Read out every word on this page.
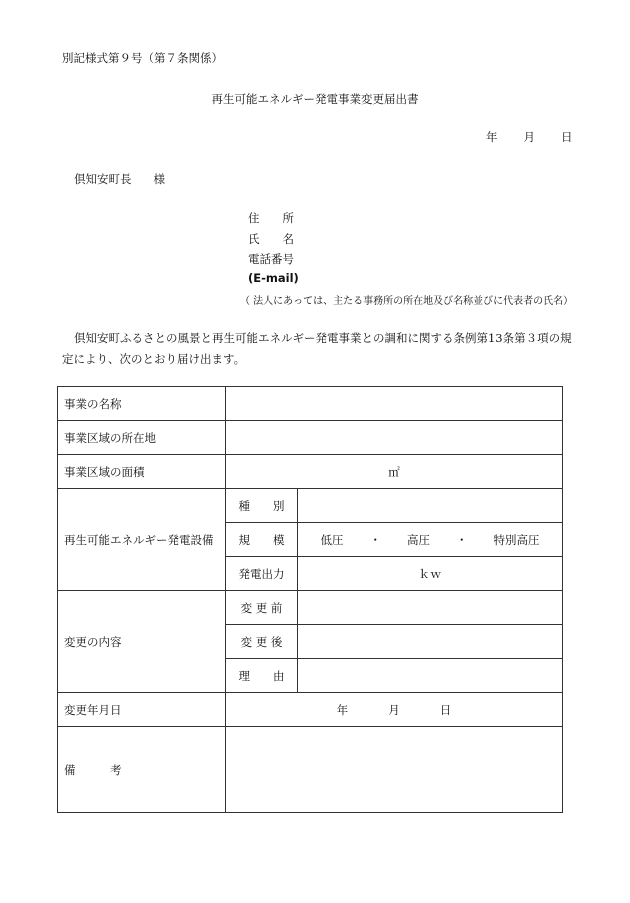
別記様式第９号（第７条関係）
再生可能エネルギー発電事業変更届出書
年 月 日
倶知安町長 様
住　　所
氏　　名
電話番号
(E-mail)
（ 法人にあっては、主たる事務所の所在地及び名称並びに代表者の氏名）
倶知安町ふるさとの風景と再生可能エネルギー発電事業との調和に関する条例第13条第３項の規定により、次のとおり届け出ます。
事業の名称		
事業区域の所在地		
事業区域の面積	㎡	
再生可能エネルギー発電設備	種　　別	
	規　　模	低圧 ・ 高圧 ・ 特別高圧
	発電出力	ｋｗ
変更の内容	変 更 前	
	変 更 後	
	理　　由	
変更年月日	年 月 日	
備　　　考		
